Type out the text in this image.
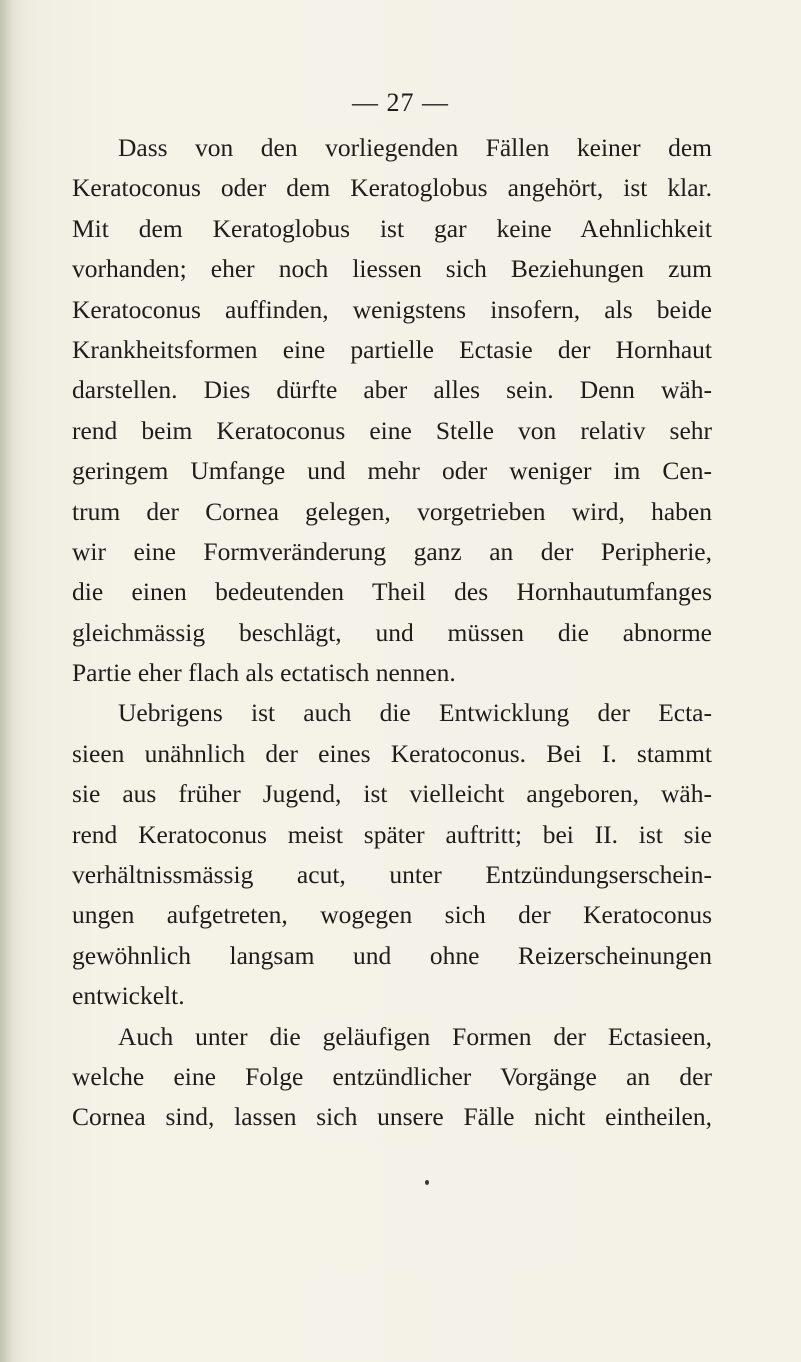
— 27 —
Dass von den vorliegenden Fällen keiner dem
Keratoconus oder dem Keratoglobus angehört, ist klar.
Mit dem Keratoglobus ist gar keine Aehnlichkeit
vorhanden; eher noch liessen sich Beziehungen zum
Keratoconus auffinden, wenigstens insofern, als beide
Krankheitsformen eine partielle Ectasie der Hornhaut
darstellen. Dies dürfte aber alles sein. Denn wäh-
rend beim Keratoconus eine Stelle von relativ sehr
geringem Umfange und mehr oder weniger im Cen-
trum der Cornea gelegen, vorgetrieben wird, haben
wir eine Formveränderung ganz an der Peripherie,
die einen bedeutenden Theil des Hornhautumfanges
gleichmässig beschlägt, und müssen die abnorme
Partie eher flach als ectatisch nennen.
Uebrigens ist auch die Entwicklung der Ecta-
sieen unähnlich der eines Keratoconus. Bei I. stammt
sie aus früher Jugend, ist vielleicht angeboren, wäh-
rend Keratoconus meist später auftritt; bei II. ist sie
verhältnissmässig acut, unter Entzündungserschein-
ungen aufgetreten, wogegen sich der Keratoconus
gewöhnlich langsam und ohne Reizerscheinungen
entwickelt.
Auch unter die geläufigen Formen der Ectasieen,
welche eine Folge entzündlicher Vorgänge an der
Cornea sind, lassen sich unsere Fälle nicht eintheilen,
